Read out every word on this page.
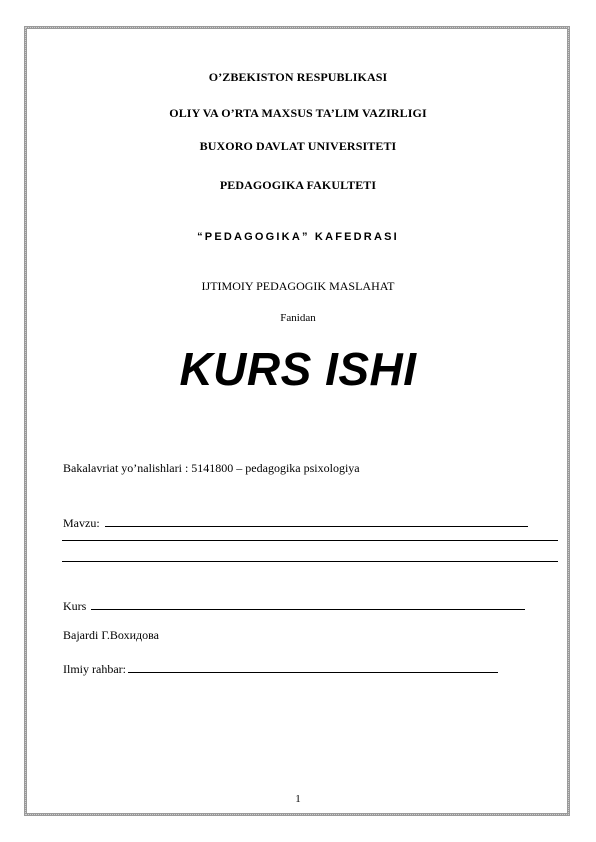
O’ZBEKISTON RESPUBLIKASI
OLIY VA O’RTA MAXSUS TA’LIM VAZIRLIGI
BUXORO DAVLAT UNIVERSITETI
PEDAGOGIKA FAKULTETI
“PEDAGOGIKA” KAFEDRASI
IJTIMOIY PEDAGOGIK MASLAHAT
Fanidan
KURS ISHI
Bakalavriat yo’nalishlari : 5141800 – pedagogika psixologiya
Mavzu:
Kurs
Bajardi Г.Вохидова
Ilmiy rahbar:
1
